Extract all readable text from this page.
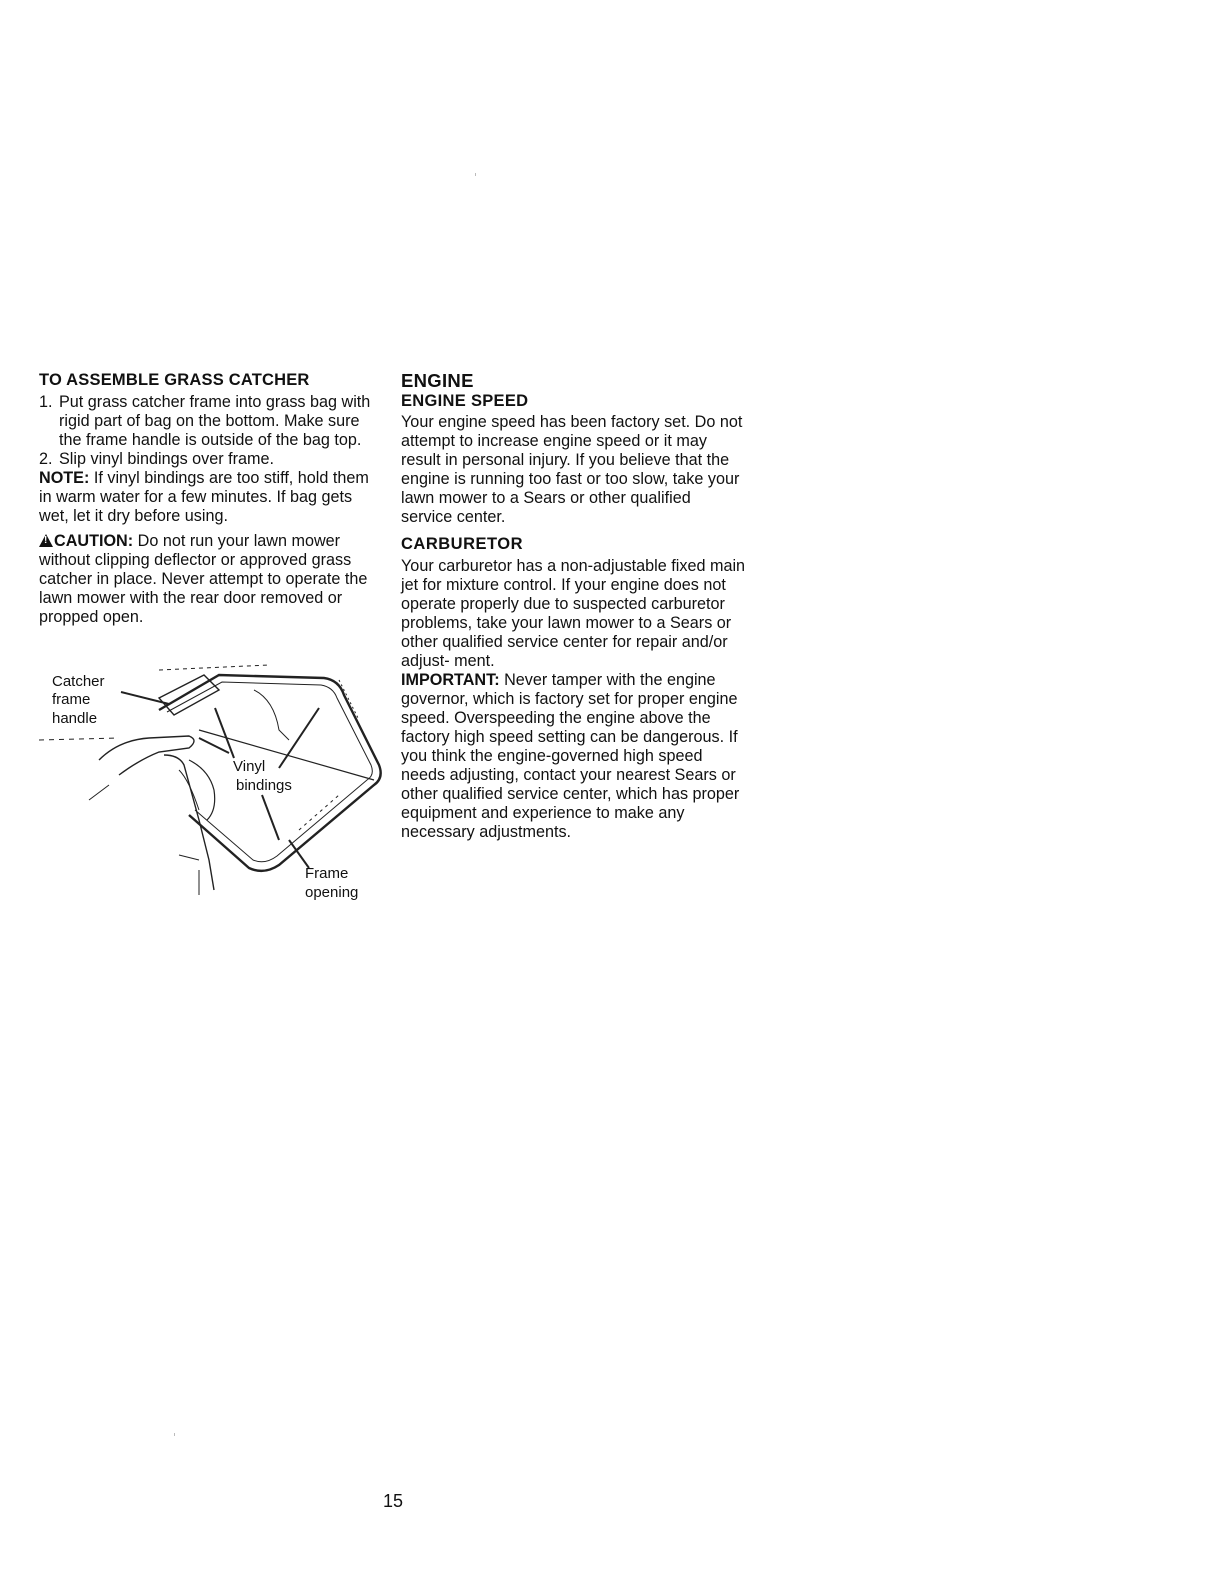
TO ASSEMBLE GRASS CATCHER
1. Put grass catcher frame into grass bag with rigid part of bag on the bottom. Make sure the frame handle is outside of the bag top.
2. Slip vinyl bindings over frame.

NOTE: If vinyl bindings are too stiff, hold them in warm water for a few minutes. If bag gets wet, let it dry before using.

!CAUTION: Do not run your lawn mower without clipping deflector or approved grass catcher in place. Never attempt to operate the lawn mower with the rear door removed or propped open.

Catcher
frame
handle
Vinyl
bindings
Frame
opening
ENGINE
ENGINE SPEED

Your engine speed has been factory set. Do not attempt to increase engine speed or it may result in personal injury. If you believe that the engine is running too fast or too slow, take your lawn mower to a Sears or other qualified service center.

CARBURETOR

Your carburetor has a non-adjustable fixed main jet for mixture control. If your engine does not operate properly due to suspected carburetor problems, take your lawn mower to a Sears or other qualified service center for repair and/or adjust- ment.

IMPORTANT: Never tamper with the engine governor, which is factory set for proper engine speed. Overspeeding the engine above the factory high speed setting can be dangerous. If you think the engine-governed high speed needs adjusting, contact your nearest Sears or other qualified service center, which has proper equipment and experience to make any necessary adjustments.

15
